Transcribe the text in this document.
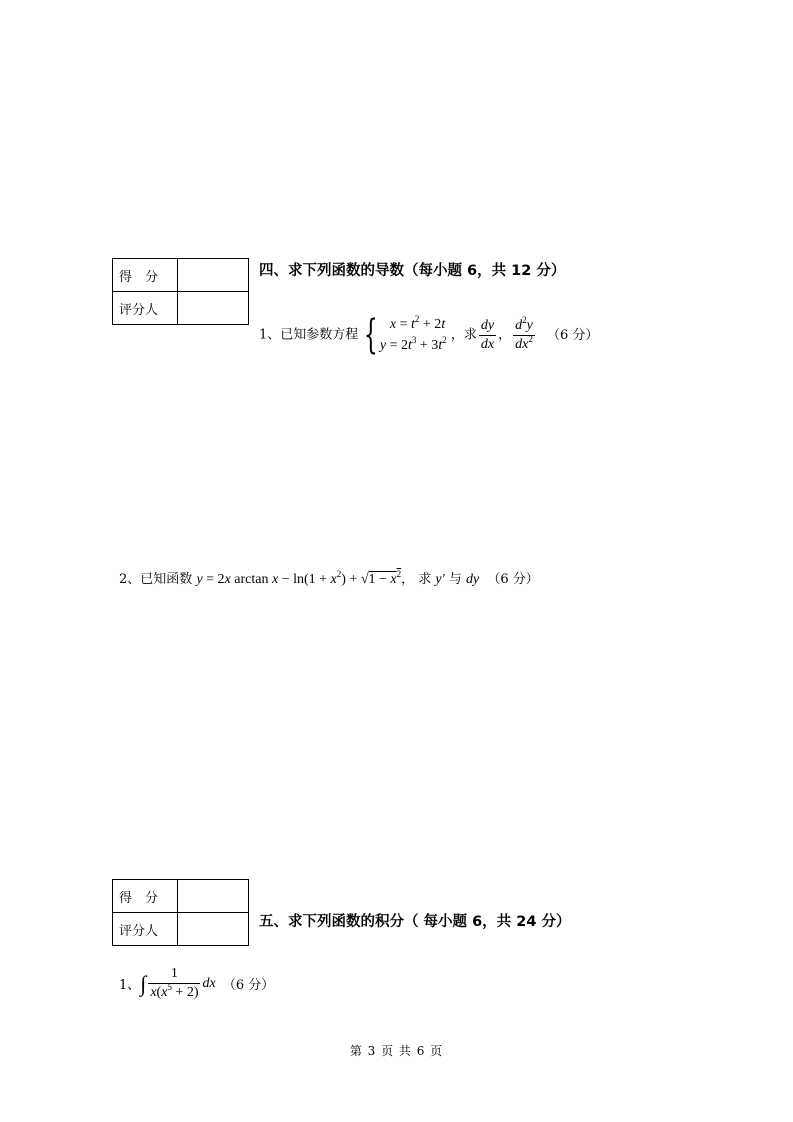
得　分	
评分人	
四、求下列函数的导数（每小题 6，共 12 分）
1、已知参数方程 { $x = t^2 + 2t$
$y = 2t^3 + 3t^2$ ，求 $\frac{dy}{dx}$ ， $\frac{d^2y}{dx^2} (6$ 分）
2、已知函数 y = 2x $\arctan x - \ln(1 + x^2) + √1 - x^2$， 求 y′ 与 dy （6 分）
得　分	
评分人	
五、求下列函数的积分（ 每小题 6，共 24 分）
1、∫ $\frac{1}{x(x^5 + 2)}$ dx （6 分）
第 3 页 共 6 页
